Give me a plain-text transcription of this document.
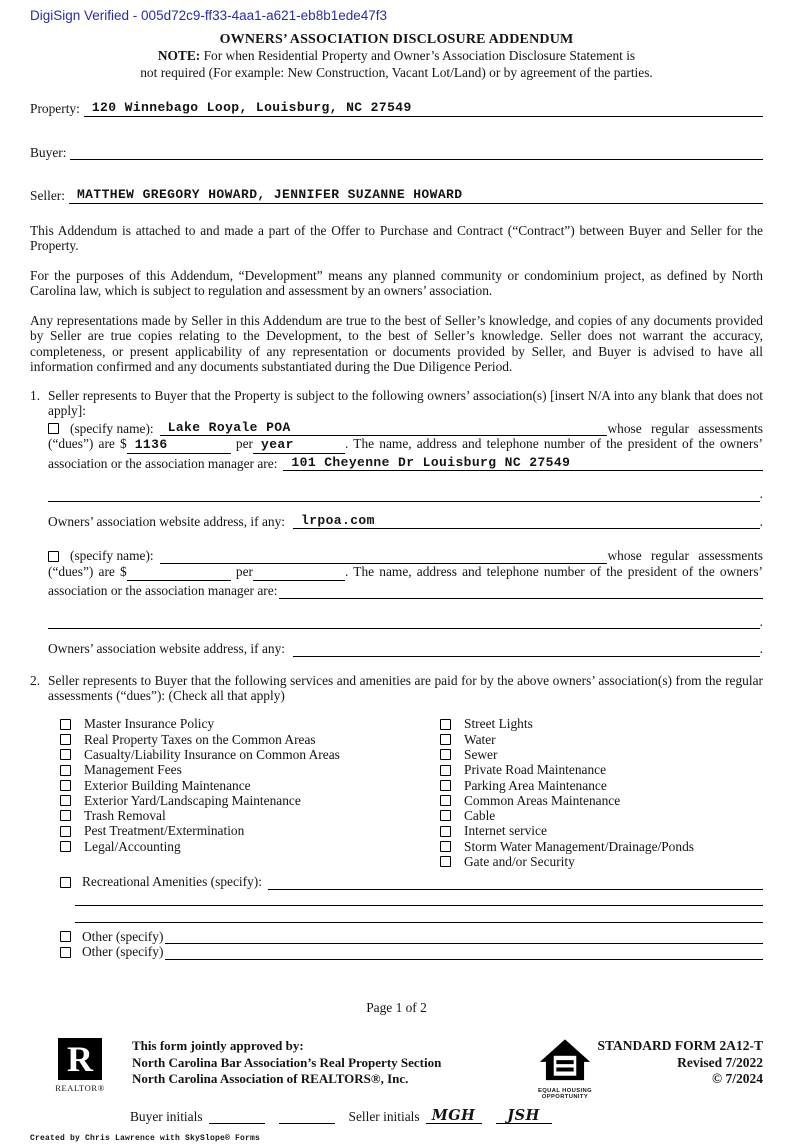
DigiSign Verified - 005d72c9-ff33-4aa1-a621-eb8b1ede47f3
OWNERS’ ASSOCIATION DISCLOSURE ADDENDUM
NOTE: For when Residential Property and Owner’s Association Disclosure Statement is
not required (For example: New Construction, Vacant Lot/Land) or by agreement of the parties.
Property: 120 Winnebago Loop, Louisburg, NC 27549
Buyer:
Seller: MATTHEW GREGORY HOWARD, JENNIFER SUZANNE HOWARD

This Addendum is attached to and made a part of the Offer to Purchase and Contract (“Contract”) between Buyer and Seller for the Property.

For the purposes of this Addendum, “Development” means any planned community or condominium project, as defined by North Carolina law, which is subject to regulation and assessment by an owners’ association.

Any representations made by Seller in this Addendum are true to the best of Seller’s knowledge, and copies of any documents provided by Seller are true copies relating to the Development, to the best of Seller’s knowledge. Seller does not warrant the accuracy, completeness, or present applicability of any representation or documents provided by Seller, and Buyer is advised to have all information confirmed and any documents substantiated during the Due Diligence Period.

1. Seller represents to Buyer that the Property is subject to the following owners’ association(s) [insert N/A into any blank that does not apply]:
(specify name):	Lake Royale POA	whose regular assessments
(“dues”) are $ 1136	per year	. The name, address and telephone number of the president of the owners’
association or the association manager are:	101 Cheyenne Dr Louisburg NC 27549
.
Owners’ association website address, if any:	lrpoa.com	.
(specify name):	whose regular assessments
(“dues”) are $	per	. The name, address and telephone number of the president of the owners’
association or the association manager are:
.
Owners’ association website address, if any:	.
2. Seller represents to Buyer that the following services and amenities are paid for by the above owners’ association(s) from the regular assessments (“dues”): (Check all that apply)
Master Insurance Policy
Real Property Taxes on the Common Areas
Casualty/Liability Insurance on Common Areas
Management Fees
Exterior Building Maintenance
Exterior Yard/Landscaping Maintenance
Trash Removal
Pest Treatment/Extermination
Legal/Accounting
Street Lights
Water
Sewer
Private Road Maintenance
Parking Area Maintenance
Common Areas Maintenance
Cable
Internet service
Storm Water Management/Drainage/Ponds
Gate and/or Security
Recreational Amenities (specify):
Other (specify)
Other (specify)
Page 1 of 2
R
REALTOR®
This form jointly approved by:
North Carolina Bar Association’s Real Property Section
North Carolina Association of REALTORS®, Inc.
EQUAL HOUSING OPPORTUNITY
STANDARD FORM 2A12-T
Revised 7/2022
© 7/2024
Buyer initials	Seller initials MGH	JSH
Created by Chris Lawrence with SkySlope® Forms
